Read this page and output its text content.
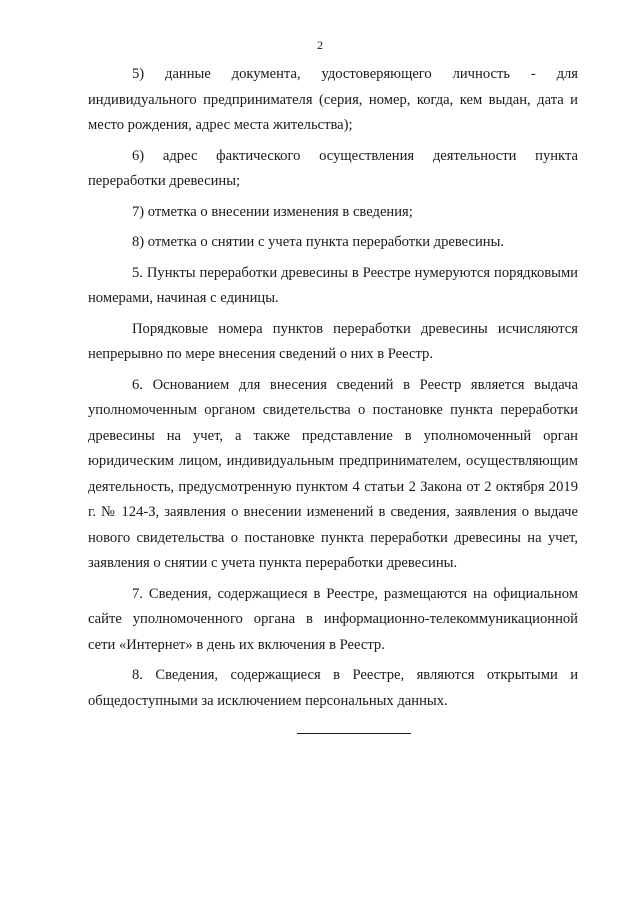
2

5) данные документа, удостоверяющего личность - для индивидуального предпринимателя (серия, номер, когда, кем выдан, дата и место рождения, адрес места жительства);

6) адрес фактического осуществления деятельности пункта переработки древесины;

7) отметка о внесении изменения в сведения;

8) отметка о снятии с учета пункта переработки древесины.

5. Пункты переработки древесины в Реестре нумеруются порядковыми номерами, начиная с единицы.

Порядковые номера пунктов переработки древесины исчисляются непрерывно по мере внесения сведений о них в Реестр.

6. Основанием для внесения сведений в Реестр является выдача уполномоченным органом свидетельства о постановке пункта переработки древесины на учет, а также представление в уполномоченный орган юридическим лицом, индивидуальным предпринимателем, осуществляющим деятельность, предусмотренную пунктом 4 статьи 2 Закона от 2 октября 2019 г. № 124-З, заявления о внесении изменений в сведения, заявления о выдаче нового свидетельства о постановке пункта переработки древесины на учет, заявления о снятии с учета пункта переработки древесины.

7. Сведения, содержащиеся в Реестре, размещаются на официальном сайте уполномоченного органа в информационно-телекоммуникационной сети «Интернет» в день их включения в Реестр.

8. Сведения, содержащиеся в Реестре, являются открытыми и общедоступными за исключением персональных данных.
